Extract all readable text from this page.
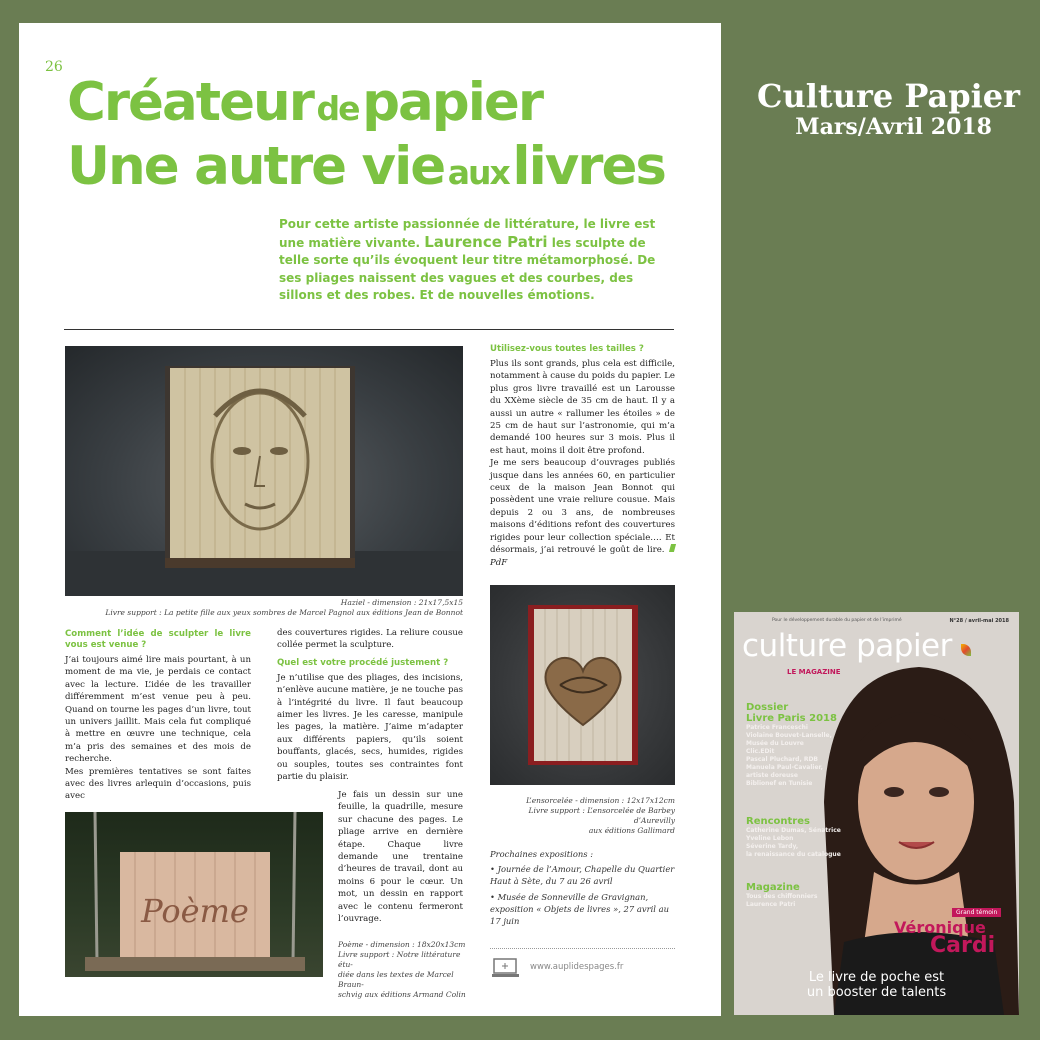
Culture Papier
Mars/Avril 2018
26
Créateur de papier
Une autre vie aux livres
Pour cette artiste passionnée de littérature, le livre est une matière vivante. Laurence Patri les sculpte de telle sorte qu’ils évoquent leur titre métamorphosé. De ses pliages naissent des vagues et des courbes, des sillons et des robes. Et de nouvelles émotions.
Haziel - dimension : 21x17,5x15
Livre support : La petite fille aux yeux sombres de Marcel Pagnol aux éditions Jean de Bonnot
Comment l’idée de sculpter le livre vous est venue ?

J’ai toujours aimé lire mais pourtant, à un moment de ma vie, je perdais ce contact avec la lecture. L’idée de les travailler différemment m’est venue peu à peu. Quand on tourne les pages d’un livre, tout un univers jaillit. Mais cela fut compliqué à mettre en œuvre une technique, cela m’a pris des semaines et des mois de recherche.

Mes premières tentatives se sont faites avec des livres arlequin d’occasions, puis avec

des couvertures rigides. La reliure cousue collée permet la sculpture.

Quel est votre procédé justement ?

Je n’utilise que des pliages, des incisions, n’enlève aucune matière, je ne touche pas à l’intégrité du livre. Il faut beaucoup aimer les livres. Je les caresse, manipule les pages, la matière. J’aime m’adapter aux différents papiers, qu’ils soient bouffants, glacés, secs, humides, rigides ou souples, toutes ses contraintes font partie du plaisir.

Je fais un dessin sur une feuille, la quadrille, mesure sur chacune des pages. Le pliage arrive en dernière étape. Chaque livre demande une trentaine d’heures de travail, dont au moins 6 pour le cœur. Un mot, un dessin en rapport avec le contenu fermeront l’ouvrage.

Poème
Poème - dimension : 18x20x13cm
Livre support : Notre littérature étu-
diée dans les textes de Marcel Braun-
schvig aux éditions Armand Colin
Utilisez-vous toutes les tailles ?

Plus ils sont grands, plus cela est difficile, notamment à cause du poids du papier. Le plus gros livre travaillé est un Larousse du XXème siècle de 35 cm de haut. Il y a aussi un autre « rallumer les étoiles » de 25 cm de haut sur l’astronomie, qui m’a demandé 100 heures sur 3 mois. Plus il est haut, moins il doit être profond.

Je me sers beaucoup d’ouvrages publiés jusque dans les années 60, en particulier ceux de la maison Jean Bonnot qui possèdent une vraie reliure cousue. Mais depuis 2 ou 3 ans, de nombreuses maisons d’éditions refont des couvertures rigides pour leur collection spéciale…. Et désormais, j’ai retrouvé le goût de lire.  PdF

L’ensorcelée - dimension : 12x17x12cm
Livre support : L’ensorcelée de Barbey d’Aurevilly
aux éditions Gallimard
Prochaines expositions :
• Journée de l’Amour, Chapelle du Quartier Haut à Sète, du 7 au 26 avril
• Musée de Sonneville de Gravignan, exposition « Objets de livres », 27 avril au 17 juin
www.auplidespages.fr
Pour le développement durable du papier et de l’imprimé	N°28 / avril-mai 2018
culture papier
LE MAGAZINE
Dossier
Livre Paris 2018
Patrice Franceschi
Violaine Bouvet-Lanselle,
Musée du Louvre
Clic.EDit
Pascal Pluchard, RDB
Manuela Paul-Cavalier,
artiste doreuse
Biblionef en Tunisie
Rencontres
Catherine Dumas, Sénatrice
Yveline Lebon
Séverine Tardy,
la renaissance du catalogue
Magazine
Tous des chiffonniers
Laurence Patri
Grand témoin
Véronique
Cardi
Le livre de poche est
un booster de talents
